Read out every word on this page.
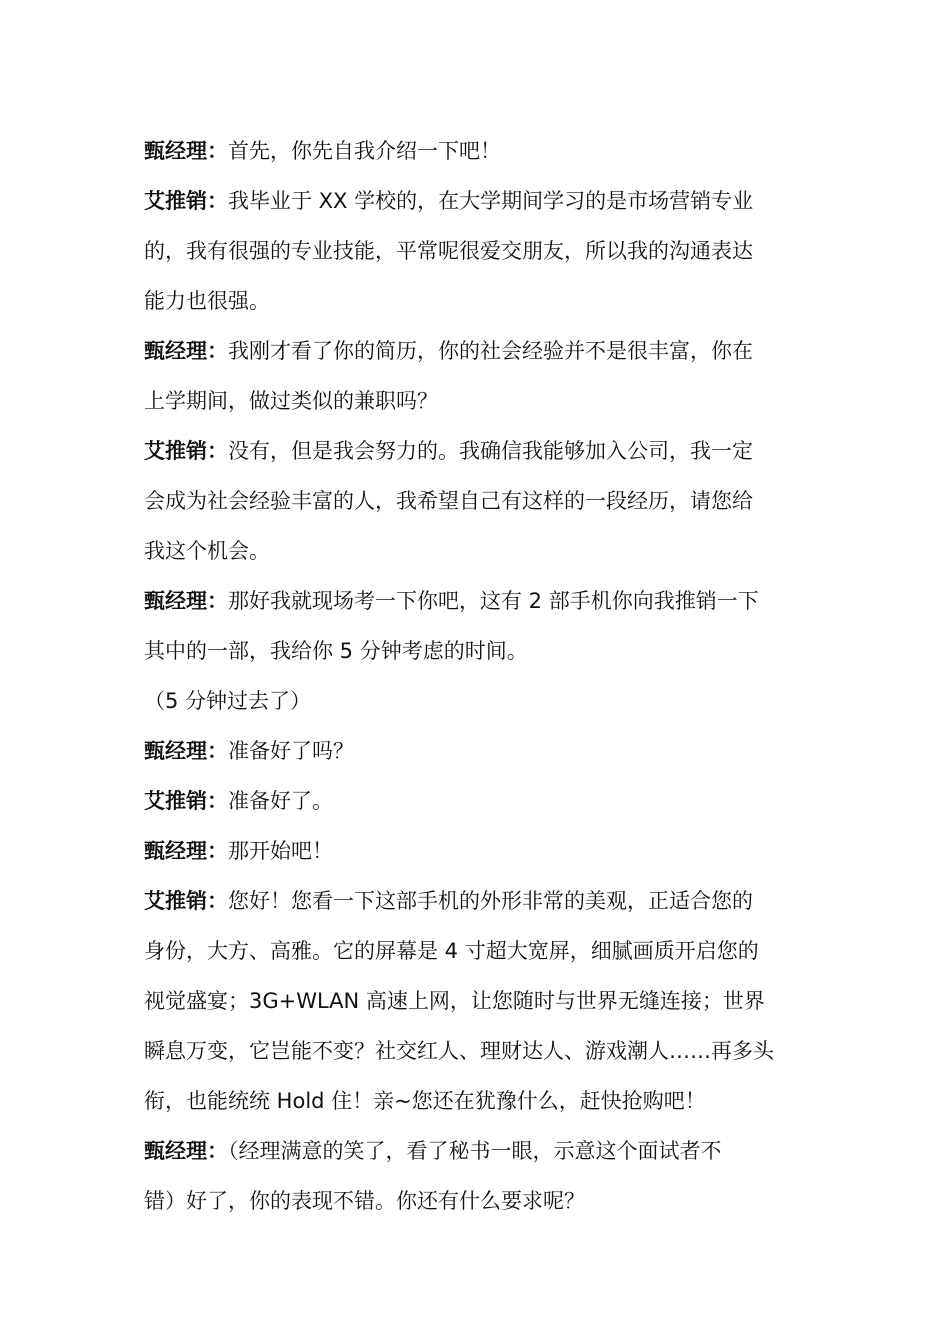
甄经理：首先，你先自我介绍一下吧！
艾推销：我毕业于 XX 学校的，在大学期间学习的是市场营销专业
的，我有很强的专业技能，平常呢很爱交朋友，所以我的沟通表达
能力也很强。
甄经理：我刚才看了你的简历，你的社会经验并不是很丰富，你在
上学期间，做过类似的兼职吗？
艾推销：没有，但是我会努力的。我确信我能够加入公司，我一定
会成为社会经验丰富的人，我希望自己有这样的一段经历，请您给
我这个机会。
甄经理：那好我就现场考一下你吧，这有 2 部手机你向我推销一下
其中的一部，我给你 5 分钟考虑的时间。
（5 分钟过去了）
甄经理：准备好了吗？
艾推销：准备好了。
甄经理：那开始吧！
艾推销：您好！您看一下这部手机的外形非常的美观，正适合您的
身份，大方、高雅。它的屏幕是 4 寸超大宽屏，细腻画质开启您的
视觉盛宴；3G+WLAN 高速上网，让您随时与世界无缝连接；世界
瞬息万变，它岂能不变？社交红人、理财达人、游戏潮人……再多头
衔，也能统统 Hold 住！亲~您还在犹豫什么，赶快抢购吧！
甄经理：（经理满意的笑了，看了秘书一眼，示意这个面试者不
错）好了，你的表现不错。你还有什么要求呢？
